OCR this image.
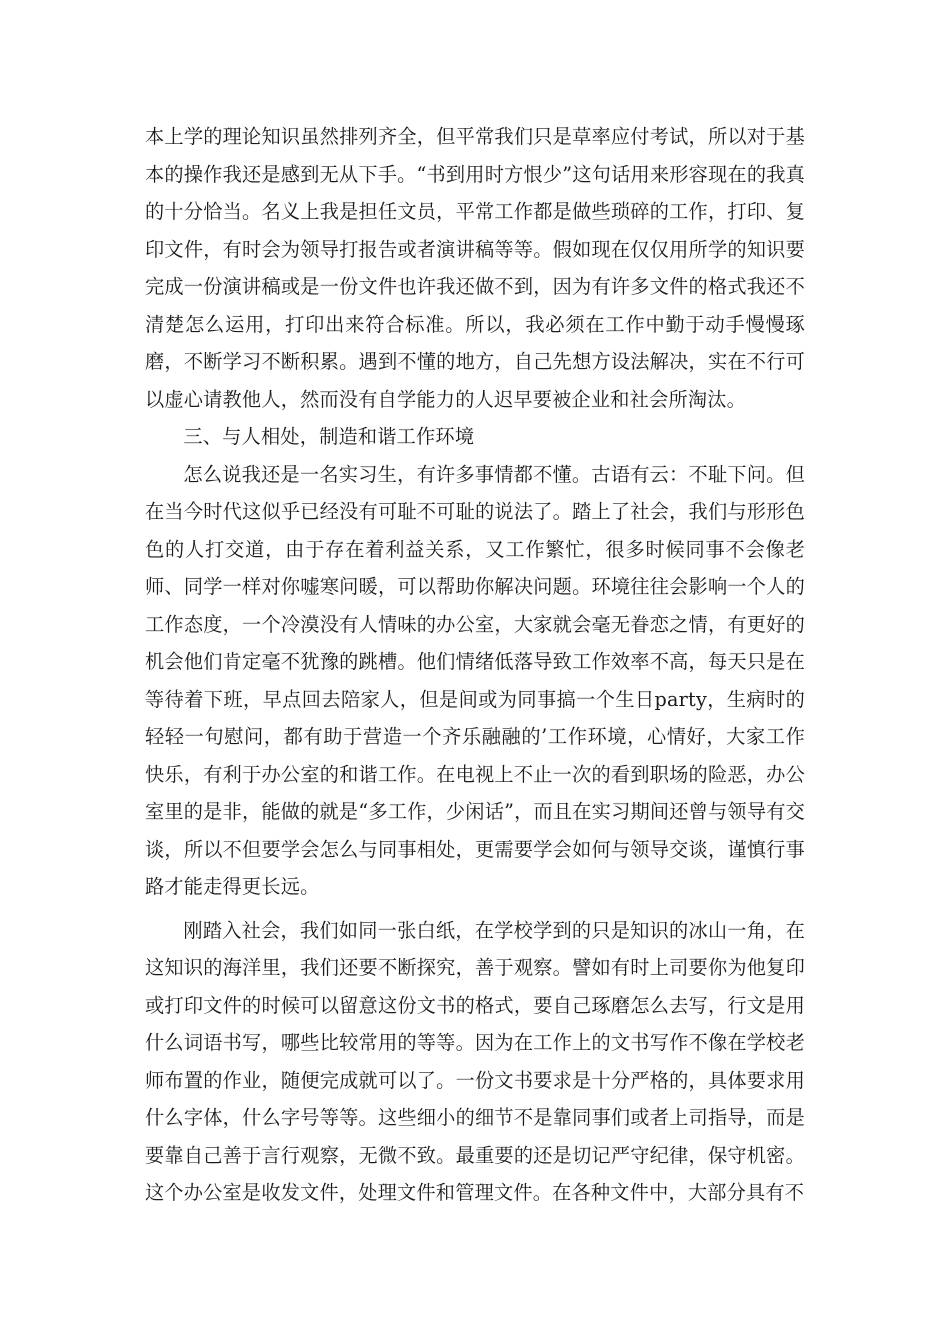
本上学的理论知识虽然排列齐全，但平常我们只是草率应付考试，所以对于基本的操作我还是感到无从下手。“书到用时方恨少”这句话用来形容现在的我真的十分恰当。名义上我是担任文员，平常工作都是做些琐碎的工作，打印、复印文件，有时会为领导打报告或者演讲稿等等。假如现在仅仅用所学的知识要完成一份演讲稿或是一份文件也许我还做不到，因为有许多文件的格式我还不清楚怎么运用，打印出来符合标准。所以，我必须在工作中勤于动手慢慢琢磨，不断学习不断积累。遇到不懂的地方，自己先想方设法解决，实在不行可以虚心请教他人，然而没有自学能力的人迟早要被企业和社会所淘汰。

三、与人相处，制造和谐工作环境

怎么说我还是一名实习生，有许多事情都不懂。古语有云：不耻下问。但在当今时代这似乎已经没有可耻不可耻的说法了。踏上了社会，我们与形形色色的人打交道，由于存在着利益关系，又工作繁忙，很多时候同事不会像老师、同学一样对你嘘寒问暖，可以帮助你解决问题。环境往往会影响一个人的工作态度，一个冷漠没有人情味的办公室，大家就会毫无眷恋之情，有更好的机会他们肯定毫不犹豫的跳槽。他们情绪低落导致工作效率不高，每天只是在等待着下班，早点回去陪家人，但是间或为同事搞一个生日party，生病时的轻轻一句慰问，都有助于营造一个齐乐融融的’工作环境，心情好，大家工作快乐，有利于办公室的和谐工作。在电视上不止一次的看到职场的险恶，办公室里的是非，能做的就是“多工作，少闲话”，而且在实习期间还曾与领导有交谈，所以不但要学会怎么与同事相处，更需要学会如何与领导交谈，谨慎行事路才能走得更长远。

刚踏入社会，我们如同一张白纸，在学校学到的只是知识的冰山一角，在这知识的海洋里，我们还要不断探究，善于观察。譬如有时上司要你为他复印或打印文件的时候可以留意这份文书的格式，要自己琢磨怎么去写，行文是用什么词语书写，哪些比较常用的等等。因为在工作上的文书写作不像在学校老师布置的作业，随便完成就可以了。一份文书要求是十分严格的，具体要求用什么字体，什么字号等等。这些细小的细节不是靠同事们或者上司指导，而是要靠自己善于言行观察，无微不致。最重要的还是切记严守纪律，保守机密。这个办公室是收发文件，处理文件和管理文件。在各种文件中，大部分具有不
